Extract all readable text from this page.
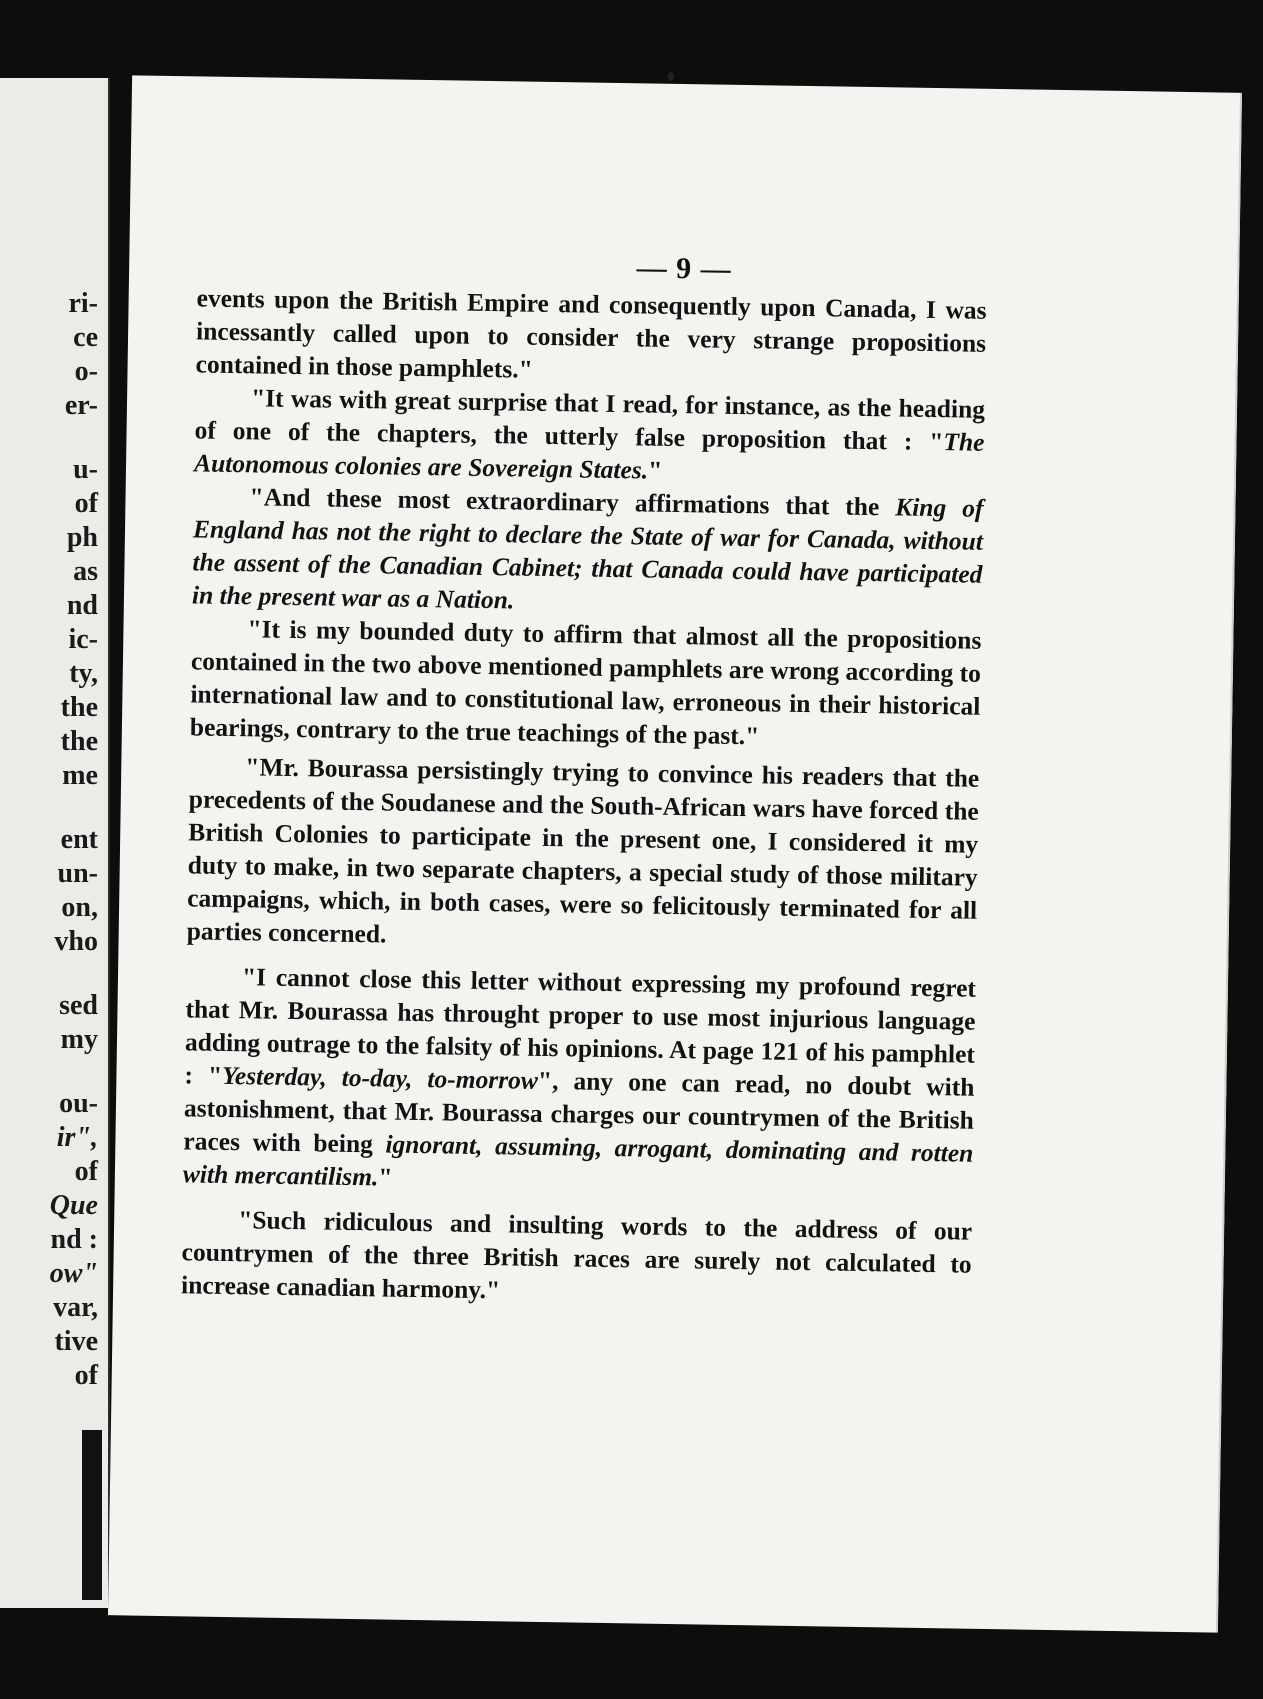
ri-
ce
o-
er-
u-
of
ph
as
nd
ic-
ty,
the
the
me
ent
un-
on,
vho
sed
my
ou-
ir",
of
Que
nd :
ow"
var,
tive
of
— 9 —

events upon the British Empire and consequently upon Canada, I was incessantly called upon to consider the very strange propositions contained in those pamphlets."

"It was with great surprise that I read, for instance, as the heading of one of the chapters, the utterly false proposition that : "The Autonomous colonies are Sovereign States."

"And these most extraordinary affirmations that the King of England has not the right to declare the State of war for Canada, without the assent of the Canadian Cabinet; that Canada could have participated in the present war as a Nation.

"It is my bounded duty to affirm that almost all the propositions contained in the two above mentioned pamphlets are wrong according to international law and to constitutional law, erroneous in their historical bearings, contrary to the true teachings of the past."

"Mr. Bourassa persistingly trying to convince his readers that the precedents of the Soudanese and the South-African wars have forced the British Colonies to participate in the present one, I considered it my duty to make, in two separate chapters, a special study of those military campaigns, which, in both cases, were so felicitously terminated for all parties concerned.

"I cannot close this letter without expressing my profound regret that Mr. Bourassa has throught proper to use most injurious language adding outrage to the falsity of his opinions. At page 121 of his pamphlet : "Yesterday, to-day, to-morrow", any one can read, no doubt with astonishment, that Mr. Bourassa charges our countrymen of the British races with being ignorant, assuming, arrogant, dominating and rotten with mercantilism."

"Such ridiculous and insulting words to the address of our countrymen of the three British races are surely not calculated to increase canadian harmony."
